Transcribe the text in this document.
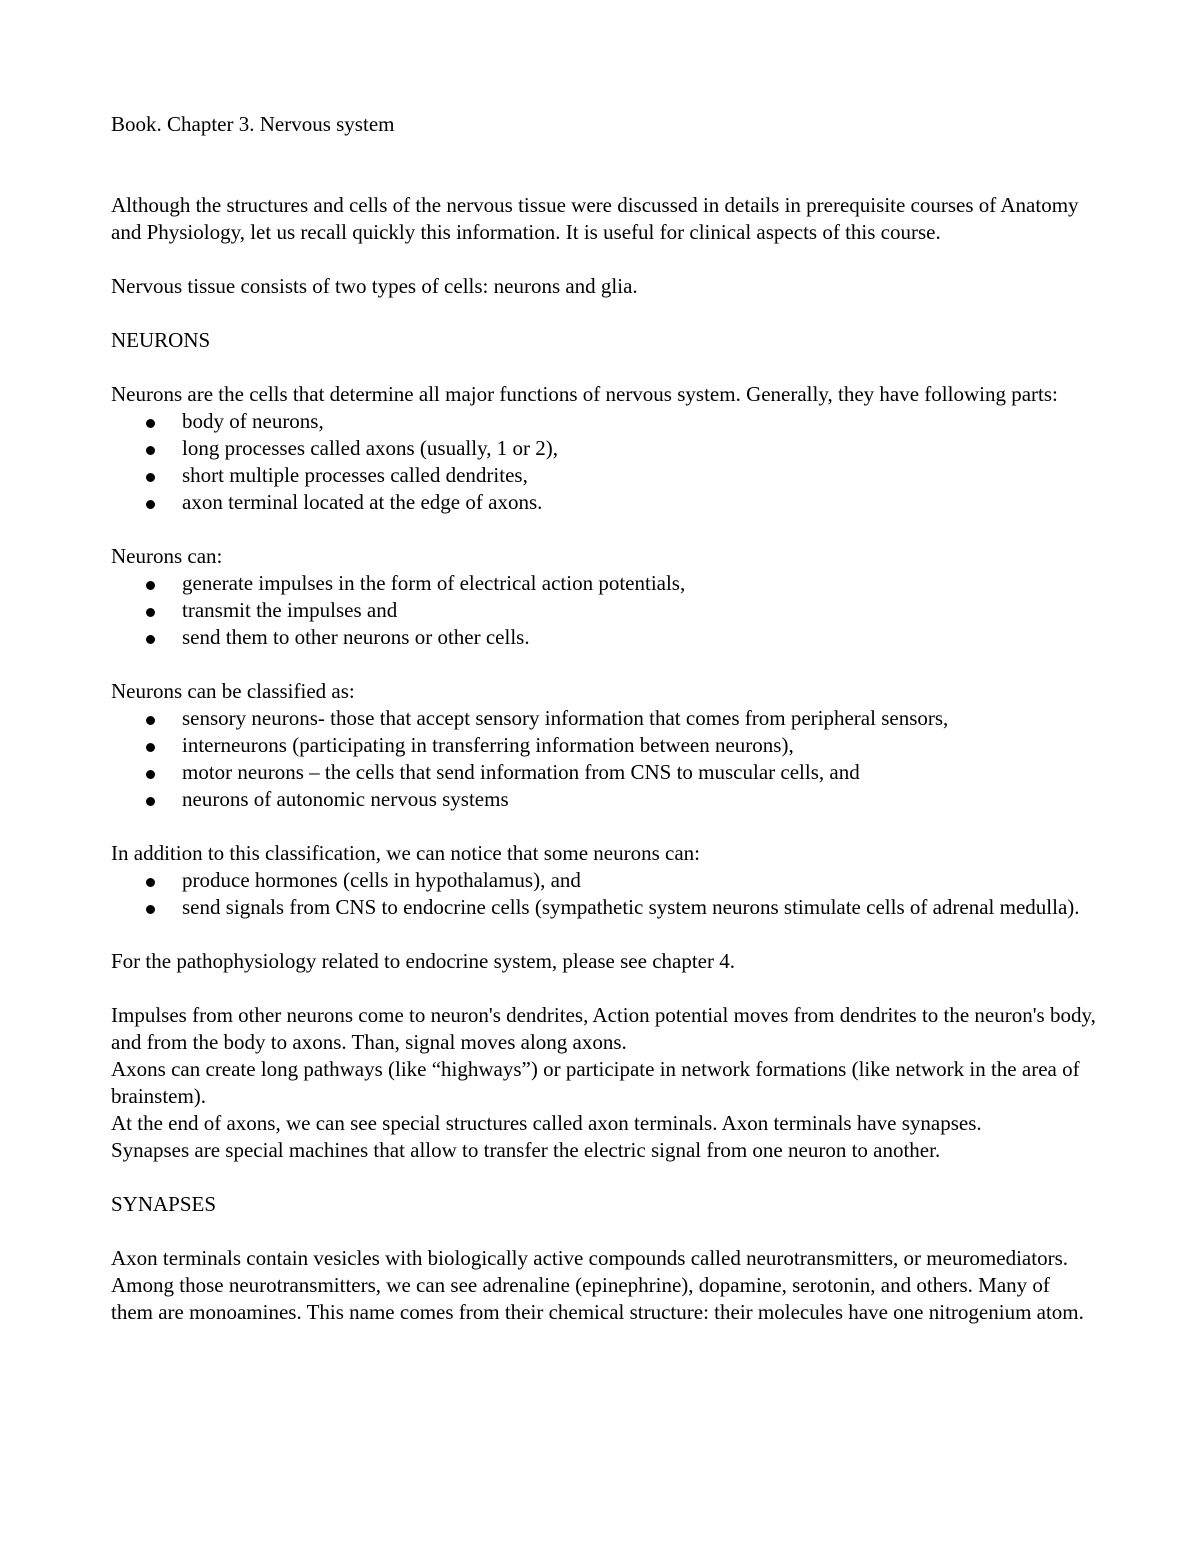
Book. Chapter 3. Nervous system

Although the structures and cells of the nervous tissue were discussed in details in prerequisite courses of Anatomy and Physiology, let us recall quickly this information. It is useful for clinical aspects of this course.

Nervous tissue consists of two types of cells: neurons and glia.

NEURONS

Neurons are the cells that determine all major functions of nervous system. Generally, they have following parts:

body of neurons,
long processes called axons (usually, 1 or 2),
short multiple processes called dendrites,
axon terminal located at the edge of axons.

Neurons can:

generate impulses in the form of electrical action potentials,
transmit the impulses and
send them to other neurons or other cells.

Neurons can be classified as:

sensory neurons- those that accept sensory information that comes from peripheral sensors,
interneurons (participating in transferring information between neurons),
motor neurons – the cells that send information from CNS to muscular cells, and
neurons of autonomic nervous systems

In addition to this classification, we can notice that some neurons can:

produce hormones (cells in hypothalamus), and
send signals from CNS to endocrine cells (sympathetic system neurons stimulate cells of adrenal medulla).

For the pathophysiology related to endocrine system, please see chapter 4.

Impulses from other neurons come to neuron's dendrites, Action potential moves from dendrites to the neuron's body, and from the body to axons. Than, signal moves along axons.

Axons can create long pathways (like “highways”) or participate in network formations (like network in the area of brainstem).

At the end of axons, we can see special structures called axon terminals. Axon terminals have synapses.

Synapses are special machines that allow to transfer the electric signal from one neuron to another.

SYNAPSES

Axon terminals contain vesicles with biologically active compounds called neurotransmitters, or meuromediators. Among those neurotransmitters, we can see adrenaline (epinephrine), dopamine, serotonin, and others. Many of them are monoamines. This name comes from their chemical structure: their molecules have one nitrogenium atom.
